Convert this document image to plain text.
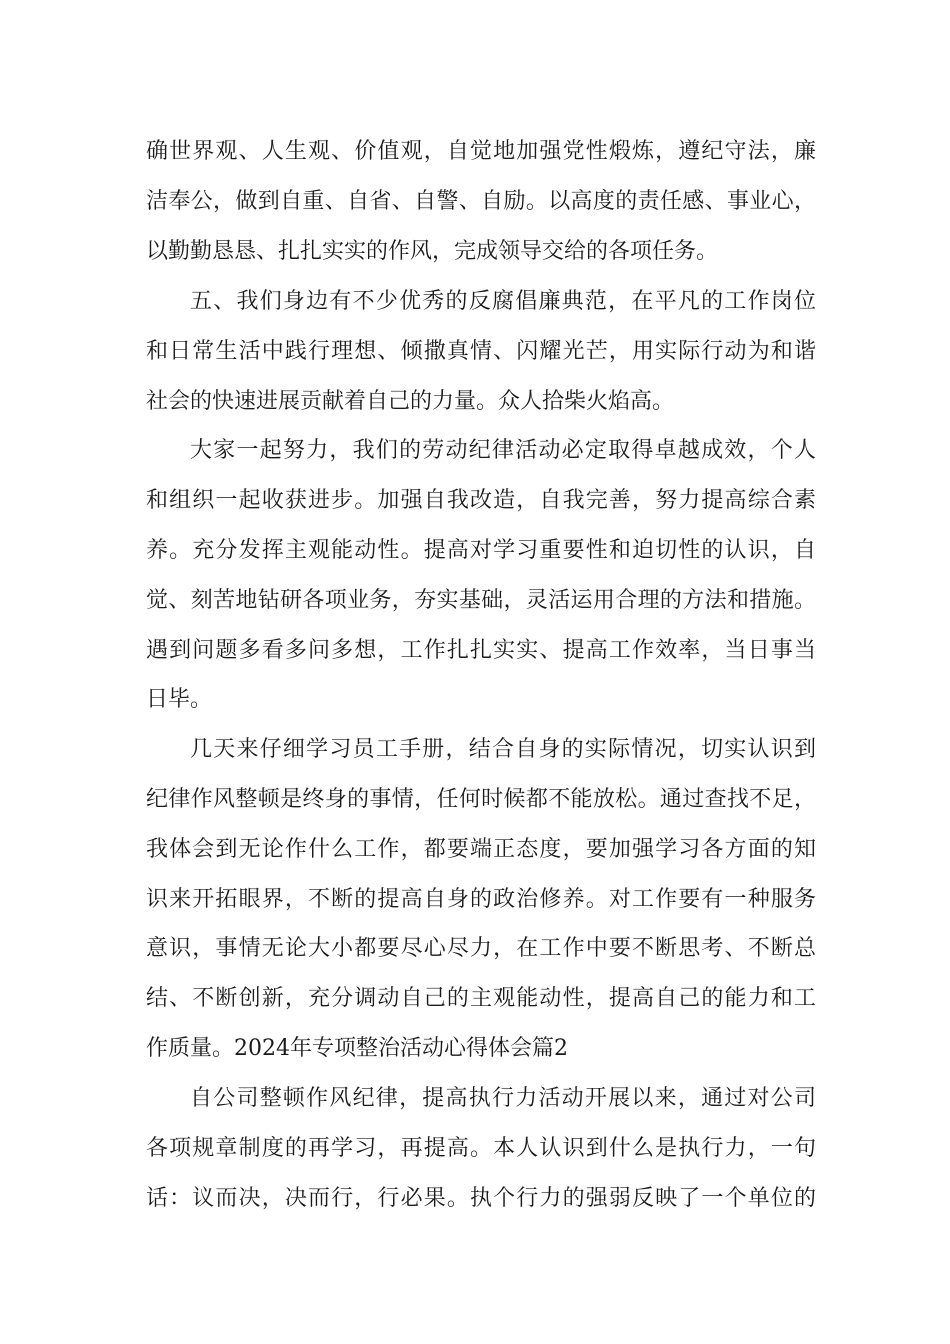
确世界观、人生观、价值观，自觉地加强党性煅炼，遵纪守法，廉
洁奉公，做到自重、自省、自警、自励。以高度的责任感、事业心，
以勤勤恳恳、扎扎实实的作风，完成领导交给的各项任务。
五、我们身边有不少优秀的反腐倡廉典范，在平凡的工作岗位
和日常生活中践行理想、倾撒真情、闪耀光芒，用实际行动为和谐
社会的快速进展贡献着自己的力量。众人拾柴火焰高。
大家一起努力，我们的劳动纪律活动必定取得卓越成效，个人
和组织一起收获进步。加强自我改造，自我完善，努力提高综合素
养。充分发挥主观能动性。提高对学习重要性和迫切性的认识，自
觉、刻苦地钻研各项业务，夯实基础，灵活运用合理的方法和措施。
遇到问题多看多问多想，工作扎扎实实、提高工作效率，当日事当
日毕。
几天来仔细学习员工手册，结合自身的实际情况，切实认识到
纪律作风整顿是终身的事情，任何时候都不能放松。通过查找不足，
我体会到无论作什么工作，都要端正态度，要加强学习各方面的知
识来开拓眼界，不断的提高自身的政治修养。对工作要有一种服务
意识，事情无论大小都要尽心尽力，在工作中要不断思考、不断总
结、不断创新，充分调动自己的主观能动性，提高自己的能力和工
作质量。2024年专项整治活动心得体会篇2
自公司整顿作风纪律，提高执行力活动开展以来，通过对公司
各项规章制度的再学习，再提高。本人认识到什么是执行力，一句
话：议而决，决而行，行必果。执个行力的强弱反映了一个单位的
